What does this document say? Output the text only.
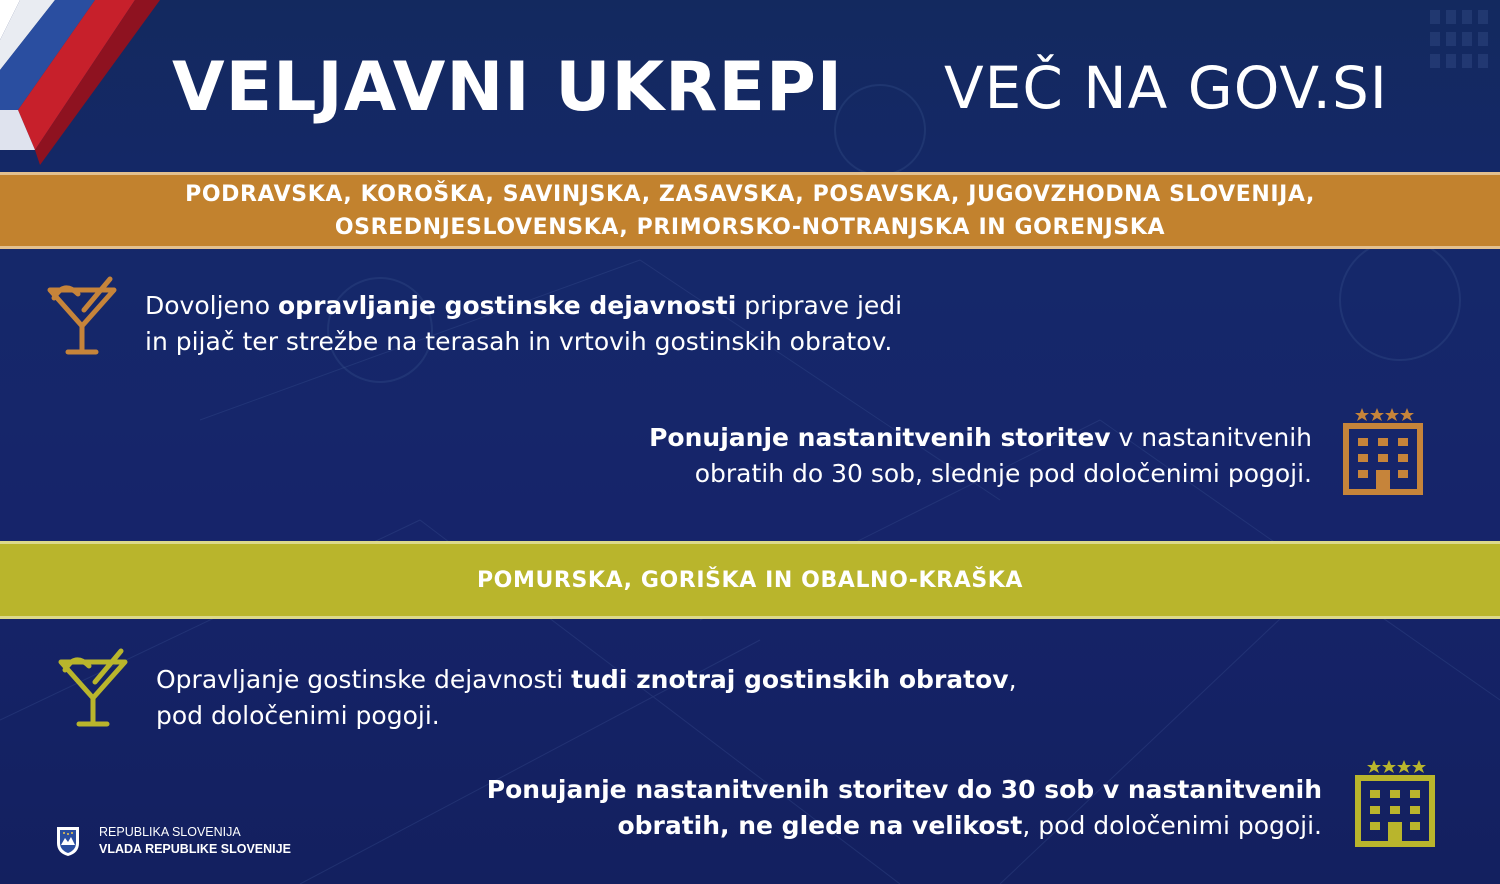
VELJAVNI UKREPI VEČ NA GOV.SI
PODRAVSKA, KOROŠKA, SAVINJSKA, ZASAVSKA, POSAVSKA, JUGOVZHODNA SLOVENIJA,
OSREDNJESLOVENSKA, PRIMORSKO-NOTRANJSKA IN GORENJSKA
Dovoljeno opravljanje gostinske dejavnosti priprave jedi
in pijač ter strežbe na terasah in vrtovih gostinskih obratov.
Ponujanje nastanitvenih storitev v nastanitvenih
obratih do 30 sob, slednje pod določenimi pogoji.
POMURSKA, GORIŠKA IN OBALNO-KRAŠKA
Opravljanje gostinske dejavnosti tudi znotraj gostinskih obratov,
pod določenimi pogoji.
Ponujanje nastanitvenih storitev do 30 sob v nastanitvenih
obratih, ne glede na velikost, pod določenimi pogoji.
REPUBLIKA SLOVENIJA
VLADA REPUBLIKE SLOVENIJE
